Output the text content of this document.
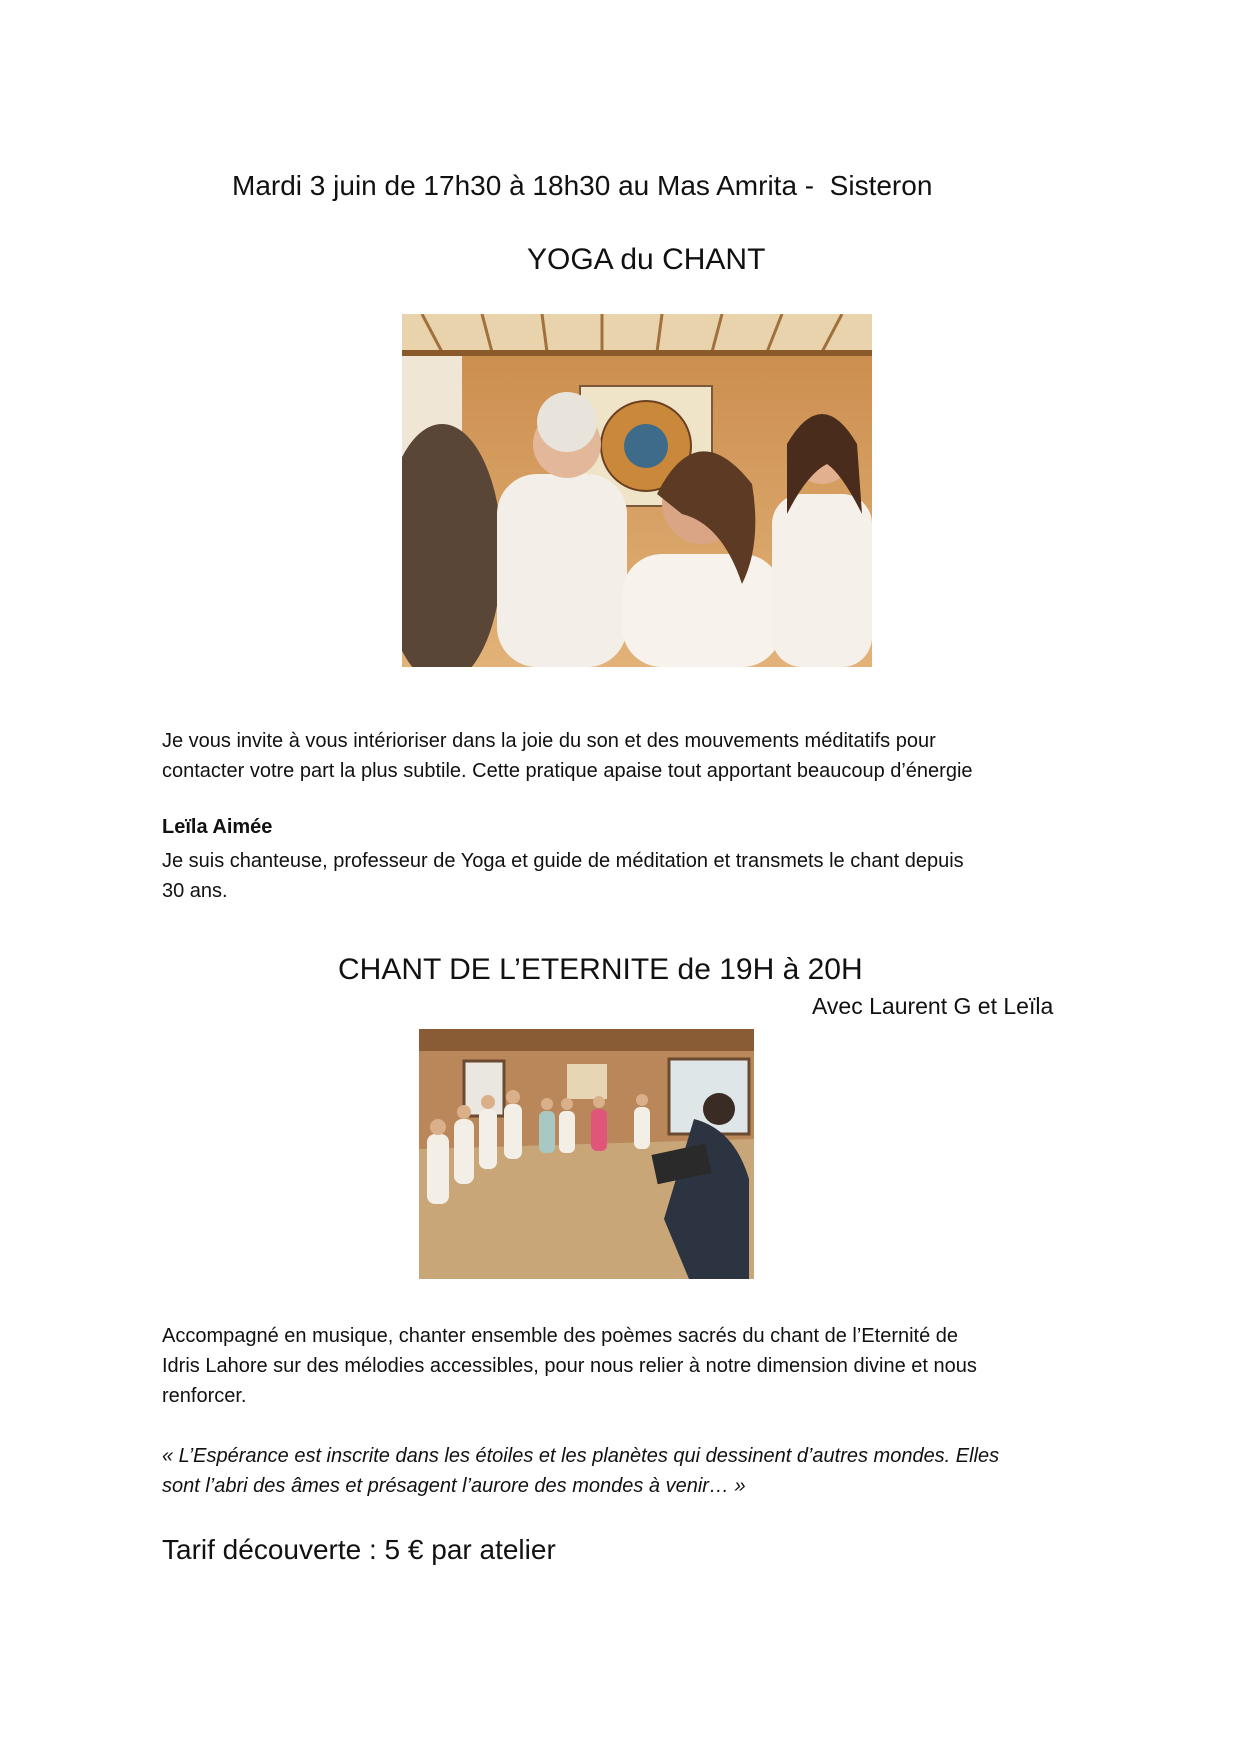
Mardi 3 juin de 17h30 à 18h30 au Mas Amrita -  Sisteron
YOGA du CHANT
Je vous invite à vous intérioriser dans la joie du son et des mouvements méditatifs pour
contacter votre part la plus subtile. Cette pratique apaise tout apportant beaucoup d’énergie
Leïla Aimée
Je suis chanteuse, professeur de Yoga et guide de méditation et transmets le chant depuis
30 ans.
CHANT DE L’ETERNITE de 19H à 20H
Avec Laurent G et Leïla
Accompagné en musique, chanter ensemble des poèmes sacrés du chant de l’Eternité de
Idris Lahore sur des mélodies accessibles, pour nous relier à notre dimension divine et nous
renforcer.
« L’Espérance est inscrite dans les étoiles et les planètes qui dessinent d’autres mondes. Elles
sont l’abri des âmes et présagent l’aurore des mondes à venir… »
Tarif découverte : 5 € par atelier
